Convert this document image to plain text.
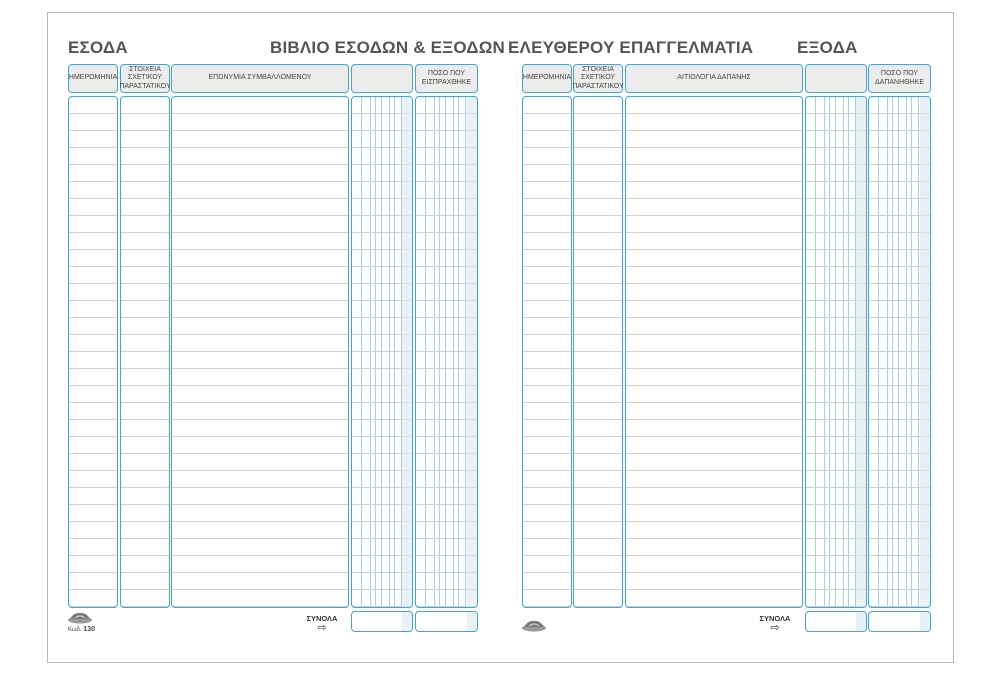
ΕΣΟΔΑ	ΒΙΒΛΙΟ ΕΣΟΔΩΝ & ΕΞΟΔΩΝ ΕΛΕΥΘΕΡΟΥ ΕΠΑΓΓΕΛΜΑΤΙΑ	ΕΞΟΔΑ
ΗΜΕΡΟΜΗΝΙΑ
ΣΤΟΙΧΕΙΑ
ΣΧΕΤΙΚΟΥ
ΠΑΡΑΣΤΑΤΙΚΟΥ
ΕΠΩΝΥΜΙΑ ΣΥΜΒΑΛΛΟΜΕΝΟΥ
ΠΟΣΟ ΠΟΥ
ΕΙΣΠΡΑΧΘΗΚΕ
ΣΥΝΟΛΑ
⇨
Κωδ. 130
ΗΜΕΡΟΜΗΝΙΑ
ΣΤΟΙΧΕΙΑ
ΣΧΕΤΙΚΟΥ
ΠΑΡΑΣΤΑΤΙΚΟΥ
ΑΙΤΙΟΛΟΓΙΑ ΔΑΠΑΝΗΣ
ΠΟΣΟ ΠΟΥ
ΔΑΠΑΝΗΘΗΚΕ
ΣΥΝΟΛΑ
⇨
